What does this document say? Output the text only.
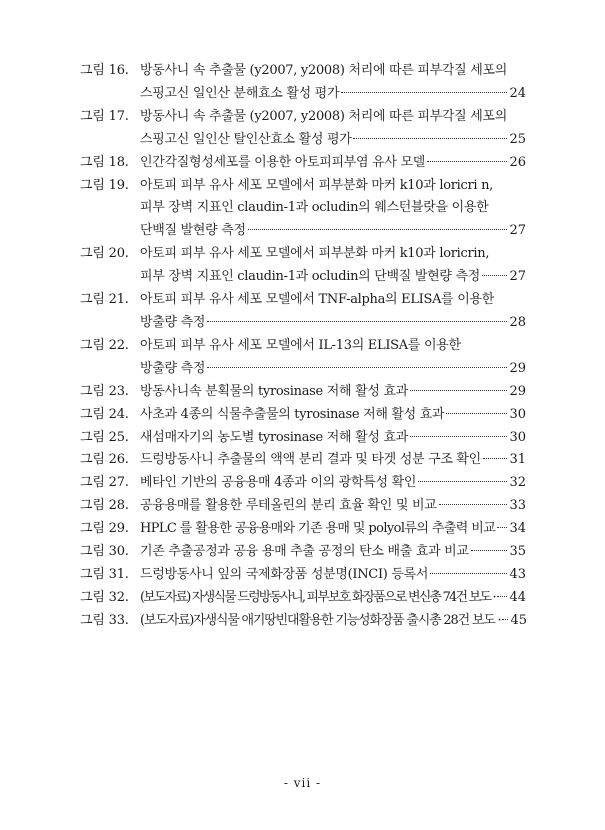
그림 16. 방동사니 속 추출물 (y2007, y2008) 처리에 따른 피부각질 세포의
스핑고신 일인산 분해효소 활성 평가	24
그림 17. 방동사니 속 추출물 (y2007, y2008) 처리에 따른 피부각질 세포의
스핑고신 일인산 탈인산효소 활성 평가	25
그림 18. 인간각질형성세포를 이용한 아토피피부염 유사 모델	26
그림 19. 아토피 피부 유사 세포 모델에서 피부분화 마커 k10과 loricri n,
피부 장벽 지표인 claudin-1과 ocludin의 웨스턴블랏을 이용한
단백질 발현량 측정	27
그림 20. 아토피 피부 유사 세포 모델에서 피부분화 마커 k10과 loricrin,
피부 장벽 지표인 claudin-1과 ocludin의 단백질 발현량 측정 27
그림 21. 아토피 피부 유사 세포 모델에서 TNF-alpha의 ELISA를 이용한
방출량 측정	28
그림 22. 아토피 피부 유사 세포 모델에서 IL-13의 ELISA를 이용한
방출량 측정	29
그림 23. 방동사니속 분획물의 tyrosinase 저해 활성 효과	29
그림 24. 사초과 4종의 식물추출물의 tyrosinase 저해 활성 효과	30
그림 25. 새섬매자기의 농도별 tyrosinase 저해 활성 효과	30
그림 26. 드렁방동사니 추출물의 액액 분리 결과 및 타겟 성분 구조 확인 31
그림 27. 베타인 기반의 공융용매 4종과 이의 광학특성 확인	32
그림 28. 공융용매를 활용한 루테올린의 분리 효율 확인 및 비교	33
그림 29. HPLC 를 활용한 공융용매와 기존 용매 및 polyol류의 추출력 비교 34
그림 30. 기존 추출공정과 공융 용매 추출 공정의 탄소 배출 효과 비교	35
그림 31. 드렁방동사니 잎의 국제화장품 성분명(INCI) 등록서	43
그림 32. (보도자료) 자생식물 드렁방동사니, 피부보호 화장품으로 변신총 74건 보도 · 44
그림 33. (보도자료)자생식물 애기땅빈대활용한 기능성화장품 출시총 28건 보도 · 45
- vii -
